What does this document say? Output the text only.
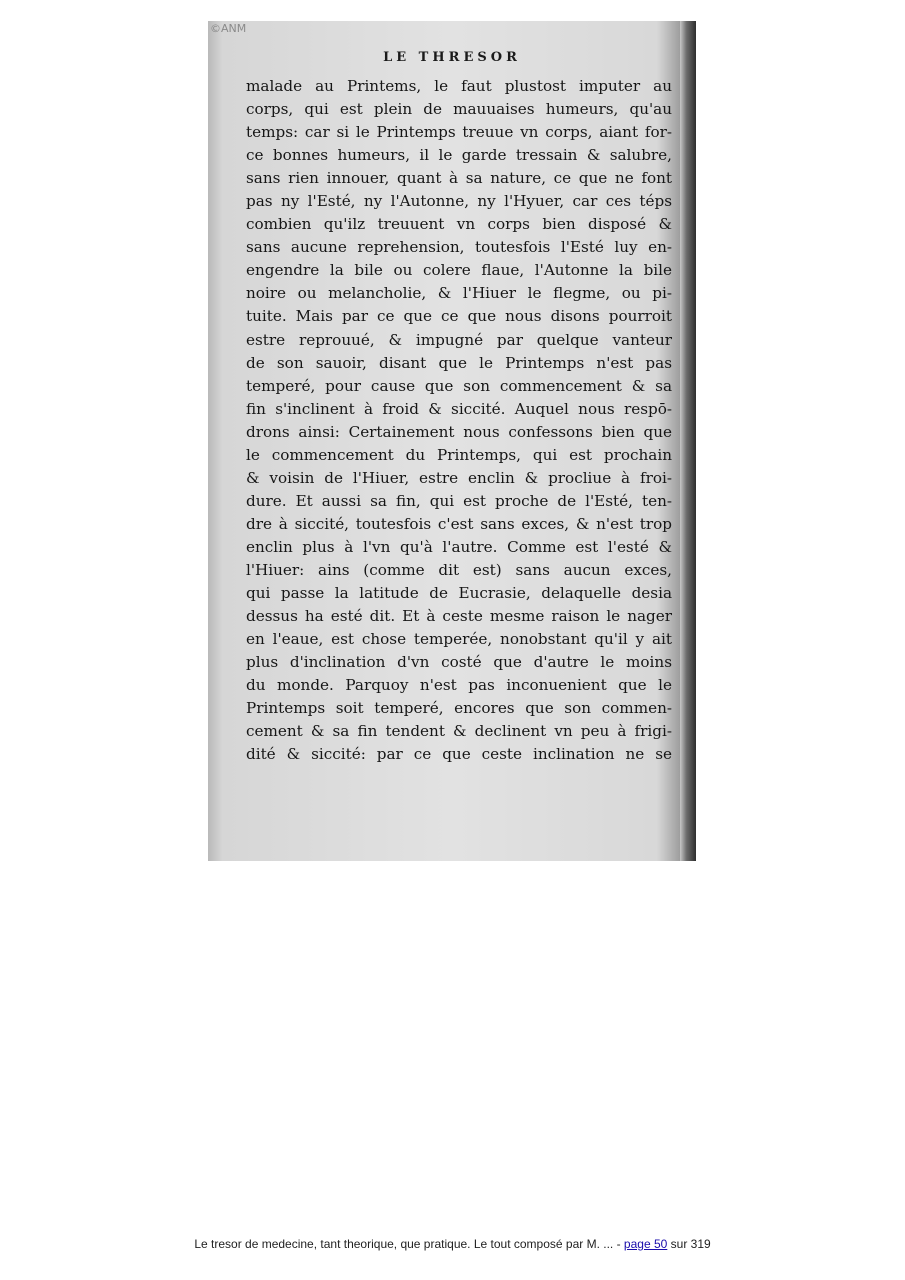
©ANM
LE THRESOR
malade au Printems, le faut plustost imputer au
corps, qui est plein de mauuaises humeurs, qu'au
temps: car si le Printemps treuue vn corps, aiant for-
ce bonnes humeurs, il le garde tressain & salubre,
sans rien innouer, quant à sa nature, ce que ne font
pas ny l'Esté, ny l'Autonne, ny l'Hyuer, car ces téps
combien qu'ilz treuuent vn corps bien disposé &
sans aucune reprehension, toutesfois l'Esté luy en-
engendre la bile ou colere flaue, l'Autonne la bile
noire ou melancholie, & l'Hiuer le flegme, ou pi-
tuite. Mais par ce que ce que nous disons pourroit
estre reprouué, & impugné par quelque vanteur
de son sauoir, disant que le Printemps n'est pas
temperé, pour cause que son commencement & sa
fin s'inclinent à froid & siccité. Auquel nous respō-
drons ainsi: Certainement nous confessons bien que
le commencement du Printemps, qui est prochain
& voisin de l'Hiuer, estre enclin & procliue à froi-
dure. Et aussi sa fin, qui est proche de l'Esté, ten-
dre à siccité, toutesfois c'est sans exces, & n'est trop
enclin plus à l'vn qu'à l'autre. Comme est l'esté &
l'Hiuer: ains (comme dit est) sans aucun exces,
qui passe la latitude de Eucrasie, delaquelle desia
dessus ha esté dit. Et à ceste mesme raison le nager
en l'eaue, est chose temperée, nonobstant qu'il y ait
plus d'inclination d'vn costé que d'autre le moins
du monde. Parquoy n'est pas inconuenient que le
Printemps soit temperé, encores que son commen-
cement & sa fin tendent & declinent vn peu à frigi-
dité & siccité: par ce que ceste inclination ne se
Le tresor de medecine, tant theorique, que pratique. Le tout composé par M. ... - page 50 sur 319
